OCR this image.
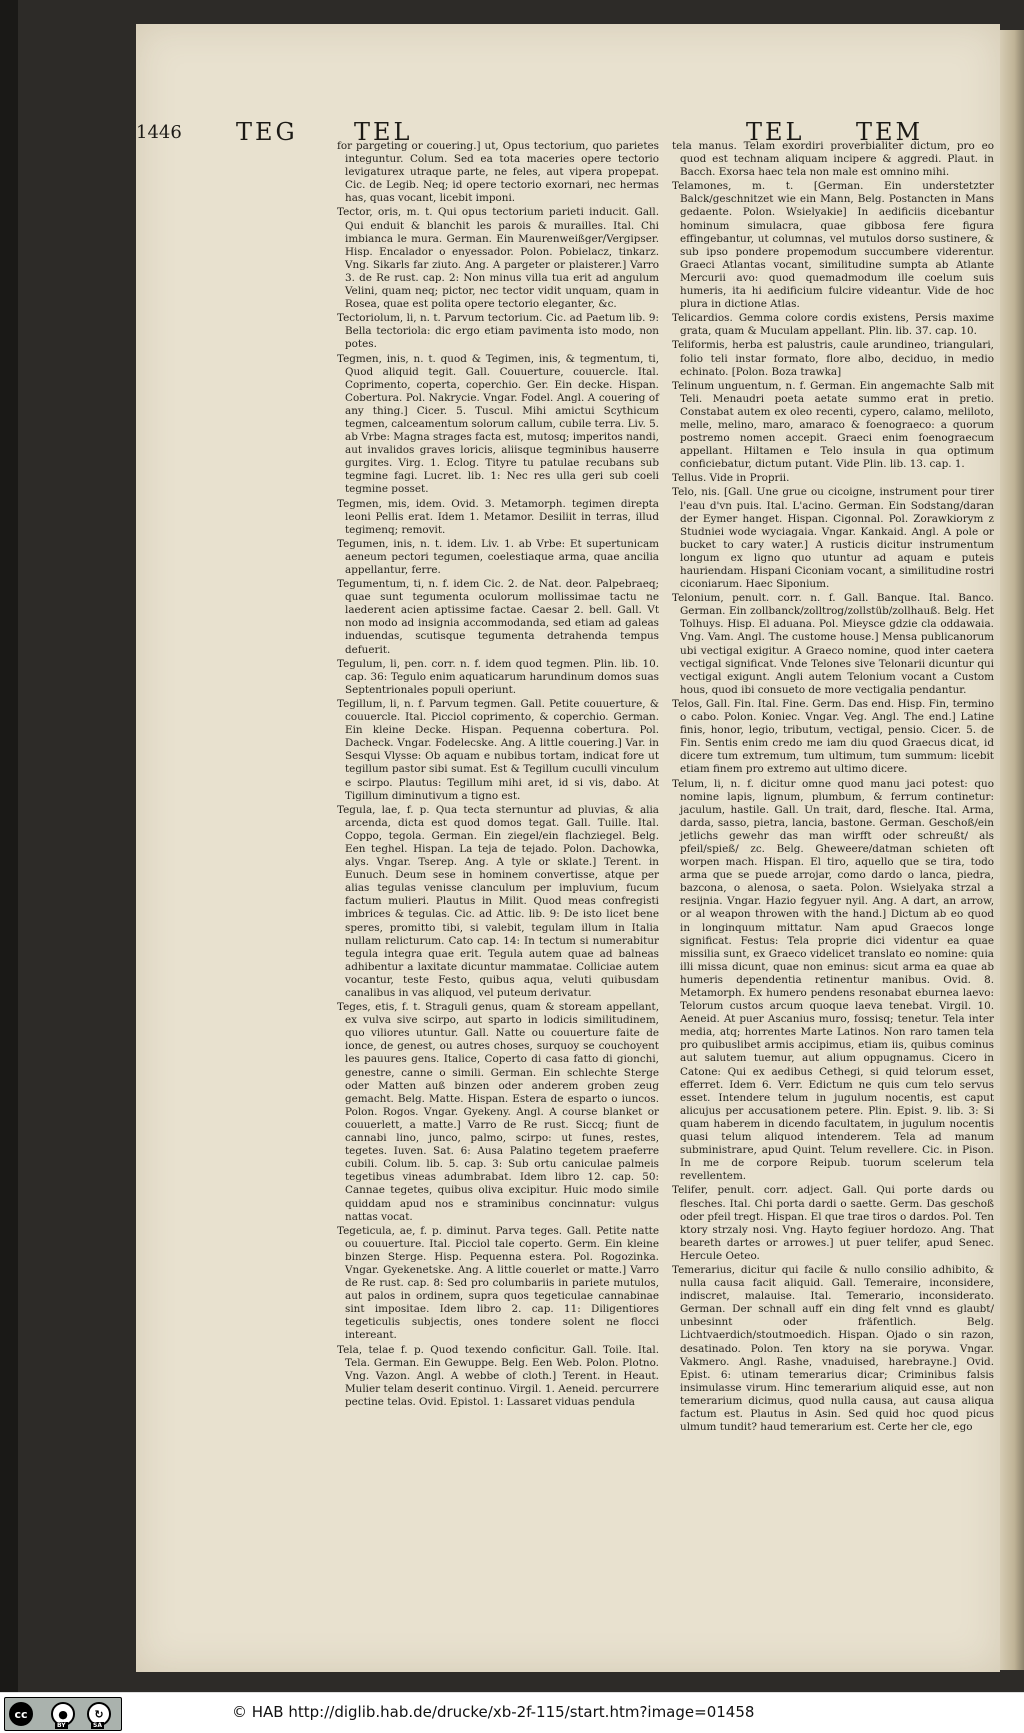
1446 TEG TEL	TEL TEM

for pargeting or couering.] ut, Opus tectorium, quo parietes integuntur. Colum. Sed ea tota maceries opere tectorio levigaturex utraque parte, ne feles, aut vipera propepat. Cic. de Legib. Neq; id opere tectorio exornari, nec hermas has, quas vocant, licebit imponi.

Tector, oris, m. t. Qui opus tectorium parieti inducit. Gall. Qui enduit & blanchit les parois & murailles. Ital. Chi imbianca le mura. German. Ein Maurenweißger/Vergipser. Hisp. Encalador o enyessador. Polon. Pobielacz, tinkarz. Vng. Sikarls far ziuto. Ang. A pargeter or plaisterer.] Varro 3. de Re rust. cap. 2: Non minus villa tua erit ad angulum Velini, quam neq; pictor, nec tector vidit unquam, quam in Rosea, quae est polita opere tectorio eleganter, &c.

Tectoriolum, li, n. t. Parvum tectorium. Cic. ad Paetum lib. 9: Bella tectoriola: dic ergo etiam pavimenta isto modo, non potes.

Tegmen, inis, n. t. quod & Tegimen, inis, & tegmentum, ti, Quod aliquid tegit. Gall. Couuerture, couuercle. Ital. Coprimento, coperta, coperchio. Ger. Ein decke. Hispan. Cobertura. Pol. Nakrycie. Vngar. Fodel. Angl. A couering of any thing.] Cicer. 5. Tuscul. Mihi amictui Scythicum tegmen, calceamentum solorum callum, cubile terra. Liv. 5. ab Vrbe: Magna strages facta est, mutosq; imperitos nandi, aut invalidos graves loricis, aliisque tegminibus hauserre gurgites. Virg. 1. Eclog. Tityre tu patulae recubans sub tegmine fagi. Lucret. lib. 1: Nec res ulla geri sub coeli tegmine posset.

Tegmen, mis, idem. Ovid. 3. Metamorph. tegimen direpta leoni Pellis erat. Idem 1. Metamor. Desiliit in terras, illud tegimenq; removit.

Tegumen, inis, n. t. idem. Liv. 1. ab Vrbe: Et supertunicam aeneum pectori tegumen, coelestiaque arma, quae ancilia appellantur, ferre.

Tegumentum, ti, n. f. idem Cic. 2. de Nat. deor. Palpebraeq; quae sunt tegumenta oculorum mollissimae tactu ne laederent acien aptissime factae. Caesar 2. bell. Gall. Vt non modo ad insignia accommodanda, sed etiam ad galeas induendas, scutisque tegumenta detrahenda tempus defuerit.

Tegulum, li, pen. corr. n. f. idem quod tegmen. Plin. lib. 10. cap. 36: Tegulo enim aquaticarum harundinum domos suas Septentrionales populi operiunt.

Tegillum, li, n. f. Parvum tegmen. Gall. Petite couuerture, & couuercle. Ital. Picciol coprimento, & coperchio. German. Ein kleine Decke. Hispan. Pequenna cobertura. Pol. Dacheck. Vngar. Fodelecske. Ang. A little couering.] Var. in Sesqui Vlysse: Ob aquam e nubibus tortam, indicat fore ut tegillum pastor sibi sumat. Est & Tegillum cuculli vinculum e scirpo. Plautus: Tegillum mihi aret, id si vis, dabo. At Tigillum diminutivum a tigno est.

Tegula, lae, f. p. Qua tecta sternuntur ad pluvias, & alia arcenda, dicta est quod domos tegat. Gall. Tuille. Ital. Coppo, tegola. German. Ein ziegel/ein flachziegel. Belg. Een teghel. Hispan. La teja de tejado. Polon. Dachowka, alys. Vngar. Tserep. Ang. A tyle or sklate.] Terent. in Eunuch. Deum sese in hominem convertisse, atque per alias tegulas venisse clanculum per impluvium, fucum factum mulieri. Plautus in Milit. Quod meas confregisti imbrices & tegulas. Cic. ad Attic. lib. 9: De isto licet bene speres, promitto tibi, si valebit, tegulam illum in Italia nullam relicturum. Cato cap. 14: In tectum si numerabitur tegula integra quae erit. Tegula autem quae ad balneas adhibentur a laxitate dicuntur mammatae. Colliciae autem vocantur, teste Festo, quibus aqua, veluti quibusdam canalibus in vas aliquod, vel puteum derivatur.

Teges, etis, f. t. Straguli genus, quam & stoream appellant, ex vulva sive scirpo, aut sparto in lodicis similitudinem, quo viliores utuntur. Gall. Natte ou couuerture faite de ionce, de genest, ou autres choses, surquoy se couchoyent les pauures gens. Italice, Coperto di casa fatto di gionchi, genestre, canne o simili. German. Ein schlechte Sterge oder Matten auß binzen oder anderem groben zeug gemacht. Belg. Matte. Hispan. Estera de esparto o iuncos. Polon. Rogos. Vngar. Gyekeny. Angl. A course blanket or couuerlett, a matte.] Varro de Re rust. Siccq; fiunt de cannabi lino, junco, palmo, scirpo: ut funes, restes, tegetes. Iuven. Sat. 6: Ausa Palatino tegetem praeferre cubili. Colum. lib. 5. cap. 3: Sub ortu caniculae palmeis tegetibus vineas adumbrabat. Idem libro 12. cap. 50: Cannae tegetes, quibus oliva excipitur. Huic modo simile quiddam apud nos e straminibus concinnatur: vulgus nattas vocat.

Tegeticula, ae, f. p. diminut. Parva teges. Gall. Petite natte ou couuerture. Ital. Picciol tale coperto. Germ. Ein kleine binzen Sterge. Hisp. Pequenna estera. Pol. Rogozinka. Vngar. Gyekenetske. Ang. A little couerlet or matte.] Varro de Re rust. cap. 8: Sed pro columbariis in pariete mutulos, aut palos in ordinem, supra quos tegeticulae cannabinae sint impositae. Idem libro 2. cap. 11: Diligentiores tegeticulis subjectis, ones tondere solent ne flocci intereant.

Tela, telae f. p. Quod texendo conficitur. Gall. Toile. Ital. Tela. German. Ein Gewuppe. Belg. Een Web. Polon. Plotno. Vng. Vazon. Angl. A webbe of cloth.] Terent. in Heaut. Mulier telam deserit continuo. Virgil. 1. Aeneid. percurrere pectine telas. Ovid. Epistol. 1: Lassaret viduas pendula

tela manus. Telam exordiri proverbialiter dictum, pro eo quod est technam aliquam incipere & aggredi. Plaut. in Bacch. Exorsa haec tela non male est omnino mihi.

Telamones, m. t. [German. Ein understetzter Balck/geschnitzet wie ein Mann, Belg. Postancten in Mans gedaente. Polon. Wsielyakie] In aedificiis dicebantur hominum simulacra, quae gibbosa fere figura effingebantur, ut columnas, vel mutulos dorso sustinere, & sub ipso pondere propemodum succumbere viderentur. Graeci Atlantas vocant, similitudine sumpta ab Atlante Mercurii avo: quod quemadmodum ille coelum suis humeris, ita hi aedificium fulcire videantur. Vide de hoc plura in dictione Atlas.

Telicardios. Gemma colore cordis existens, Persis maxime grata, quam & Muculam appellant. Plin. lib. 37. cap. 10.

Teliformis, herba est palustris, caule arundineo, triangulari, folio teli instar formato, flore albo, deciduo, in medio echinato. [Polon. Boza trawka]

Telinum unguentum, n. f. German. Ein angemachte Salb mit Teli. Menaudri poeta aetate summo erat in pretio. Constabat autem ex oleo recenti, cypero, calamo, meliloto, melle, melino, maro, amaraco & foenograeco: a quorum postremo nomen accepit. Graeci enim foenograecum appellant. Hiltamen e Telo insula in qua optimum conficiebatur, dictum putant. Vide Plin. lib. 13. cap. 1.

Tellus. Vide in Proprii.

Telo, nis. [Gall. Une grue ou cicoigne, instrument pour tirer l'eau d'vn puis. Ital. L'acino. German. Ein Sodstang/daran der Eymer hanget. Hispan. Cigonnal. Pol. Zorawkiorym z Studniei wode wyciagaia. Vngar. Kankaid. Angl. A pole or bucket to cary water.] A rusticis dicitur instrumentum longum ex ligno quo utuntur ad aquam e puteis hauriendam. Hispani Ciconiam vocant, a similitudine rostri ciconiarum. Haec Siponium.

Telonium, penult. corr. n. f. Gall. Banque. Ital. Banco. German. Ein zollbanck/zolltrog/zollstüb/zollhauß. Belg. Het Tolhuys. Hisp. El aduana. Pol. Mieysce gdzie cla oddawaia. Vng. Vam. Angl. The custome house.] Mensa publicanorum ubi vectigal exigitur. A Graeco nomine, quod inter caetera vectigal significat. Vnde Telones sive Telonarii dicuntur qui vectigal exigunt. Angli autem Telonium vocant a Custom hous, quod ibi consueto de more vectigalia pendantur.

Telos, Gall. Fin. Ital. Fine. Germ. Das end. Hisp. Fin, termino o cabo. Polon. Koniec. Vngar. Veg. Angl. The end.] Latine finis, honor, legio, tributum, vectigal, pensio. Cicer. 5. de Fin. Sentis enim credo me iam diu quod Graecus dicat, id dicere tum extremum, tum ultimum, tum summum: licebit etiam finem pro extremo aut ultimo dicere.

Telum, li, n. f. dicitur omne quod manu jaci potest: quo nomine lapis, lignum, plumbum, & ferrum continetur: jaculum, hastile. Gall. Un trait, dard, flesche. Ital. Arma, darda, sasso, pietra, lancia, bastone. German. Geschoß/ein jetlichs gewehr das man wirfft oder schreußt/ als pfeil/spieß/ zc. Belg. Gheweere/datman schieten oft worpen mach. Hispan. El tiro, aquello que se tira, todo arma que se puede arrojar, como dardo o lanca, piedra, bazcona, o alenosa, o saeta. Polon. Wsielyaka strzal a resijnia. Vngar. Hazio fegyuer nyil. Ang. A dart, an arrow, or al weapon throwen with the hand.] Dictum ab eo quod in longinquum mittatur. Nam apud Graecos longe significat. Festus: Tela proprie dici videntur ea quae missilia sunt, ex Graeco videlicet translato eo nomine: quia illi missa dicunt, quae non eminus: sicut arma ea quae ab humeris dependentia retinentur manibus. Ovid. 8. Metamorph. Ex humero pendens resonabat eburnea laevo: Telorum custos arcum quoque laeva tenebat. Virgil. 10. Aeneid. At puer Ascanius muro, fossisq; tenetur. Tela inter media, atq; horrentes Marte Latinos. Non raro tamen tela pro quibuslibet armis accipimus, etiam iis, quibus cominus aut salutem tuemur, aut alium oppugnamus. Cicero in Catone: Qui ex aedibus Cethegi, si quid telorum esset, efferret. Idem 6. Verr. Edictum ne quis cum telo servus esset. Intendere telum in jugulum nocentis, est caput alicujus per accusationem petere. Plin. Epist. 9. lib. 3: Si quam haberem in dicendo facultatem, in jugulum nocentis quasi telum aliquod intenderem. Tela ad manum subministrare, apud Quint. Telum revellere. Cic. in Pison. In me de corpore Reipub. tuorum scelerum tela revellentem.

Telifer, penult. corr. adject. Gall. Qui porte dards ou flesches. Ital. Chi porta dardi o saette. Germ. Das geschoß oder pfeil tregt. Hispan. El que trae tiros o dardos. Pol. Ten ktory strzaly nosi. Vng. Hayto fegiuer hordozo. Ang. That beareth dartes or arrowes.] ut puer telifer, apud Senec. Hercule Oeteo.

Temerarius, dicitur qui facile & nullo consilio adhibito, & nulla causa facit aliquid. Gall. Temeraire, inconsidere, indiscret, malauise. Ital. Temerario, inconsiderato. German. Der schnall auff ein ding felt vnnd es glaubt/ unbesinnt oder fräfentlich. Belg. Lichtvaerdich/stoutmoedich. Hispan. Ojado o sin razon, desatinado. Polon. Ten ktory na sie porywa. Vngar. Vakmero. Angl. Rashe, vnaduised, harebrayne.] Ovid. Epist. 6: utinam temerarius dicar; Criminibus falsis insimulasse virum. Hinc temerarium aliquid esse, aut non temerarium dicimus, quod nulla causa, aut causa aliqua factum est. Plautus in Asin. Sed quid hoc quod picus ulmum tundit? haud temerarium est. Certe her cle, ego

cc	●	↻
BY	SA
© HAB http://diglib.hab.de/drucke/xb-2f-115/start.htm?image=01458
